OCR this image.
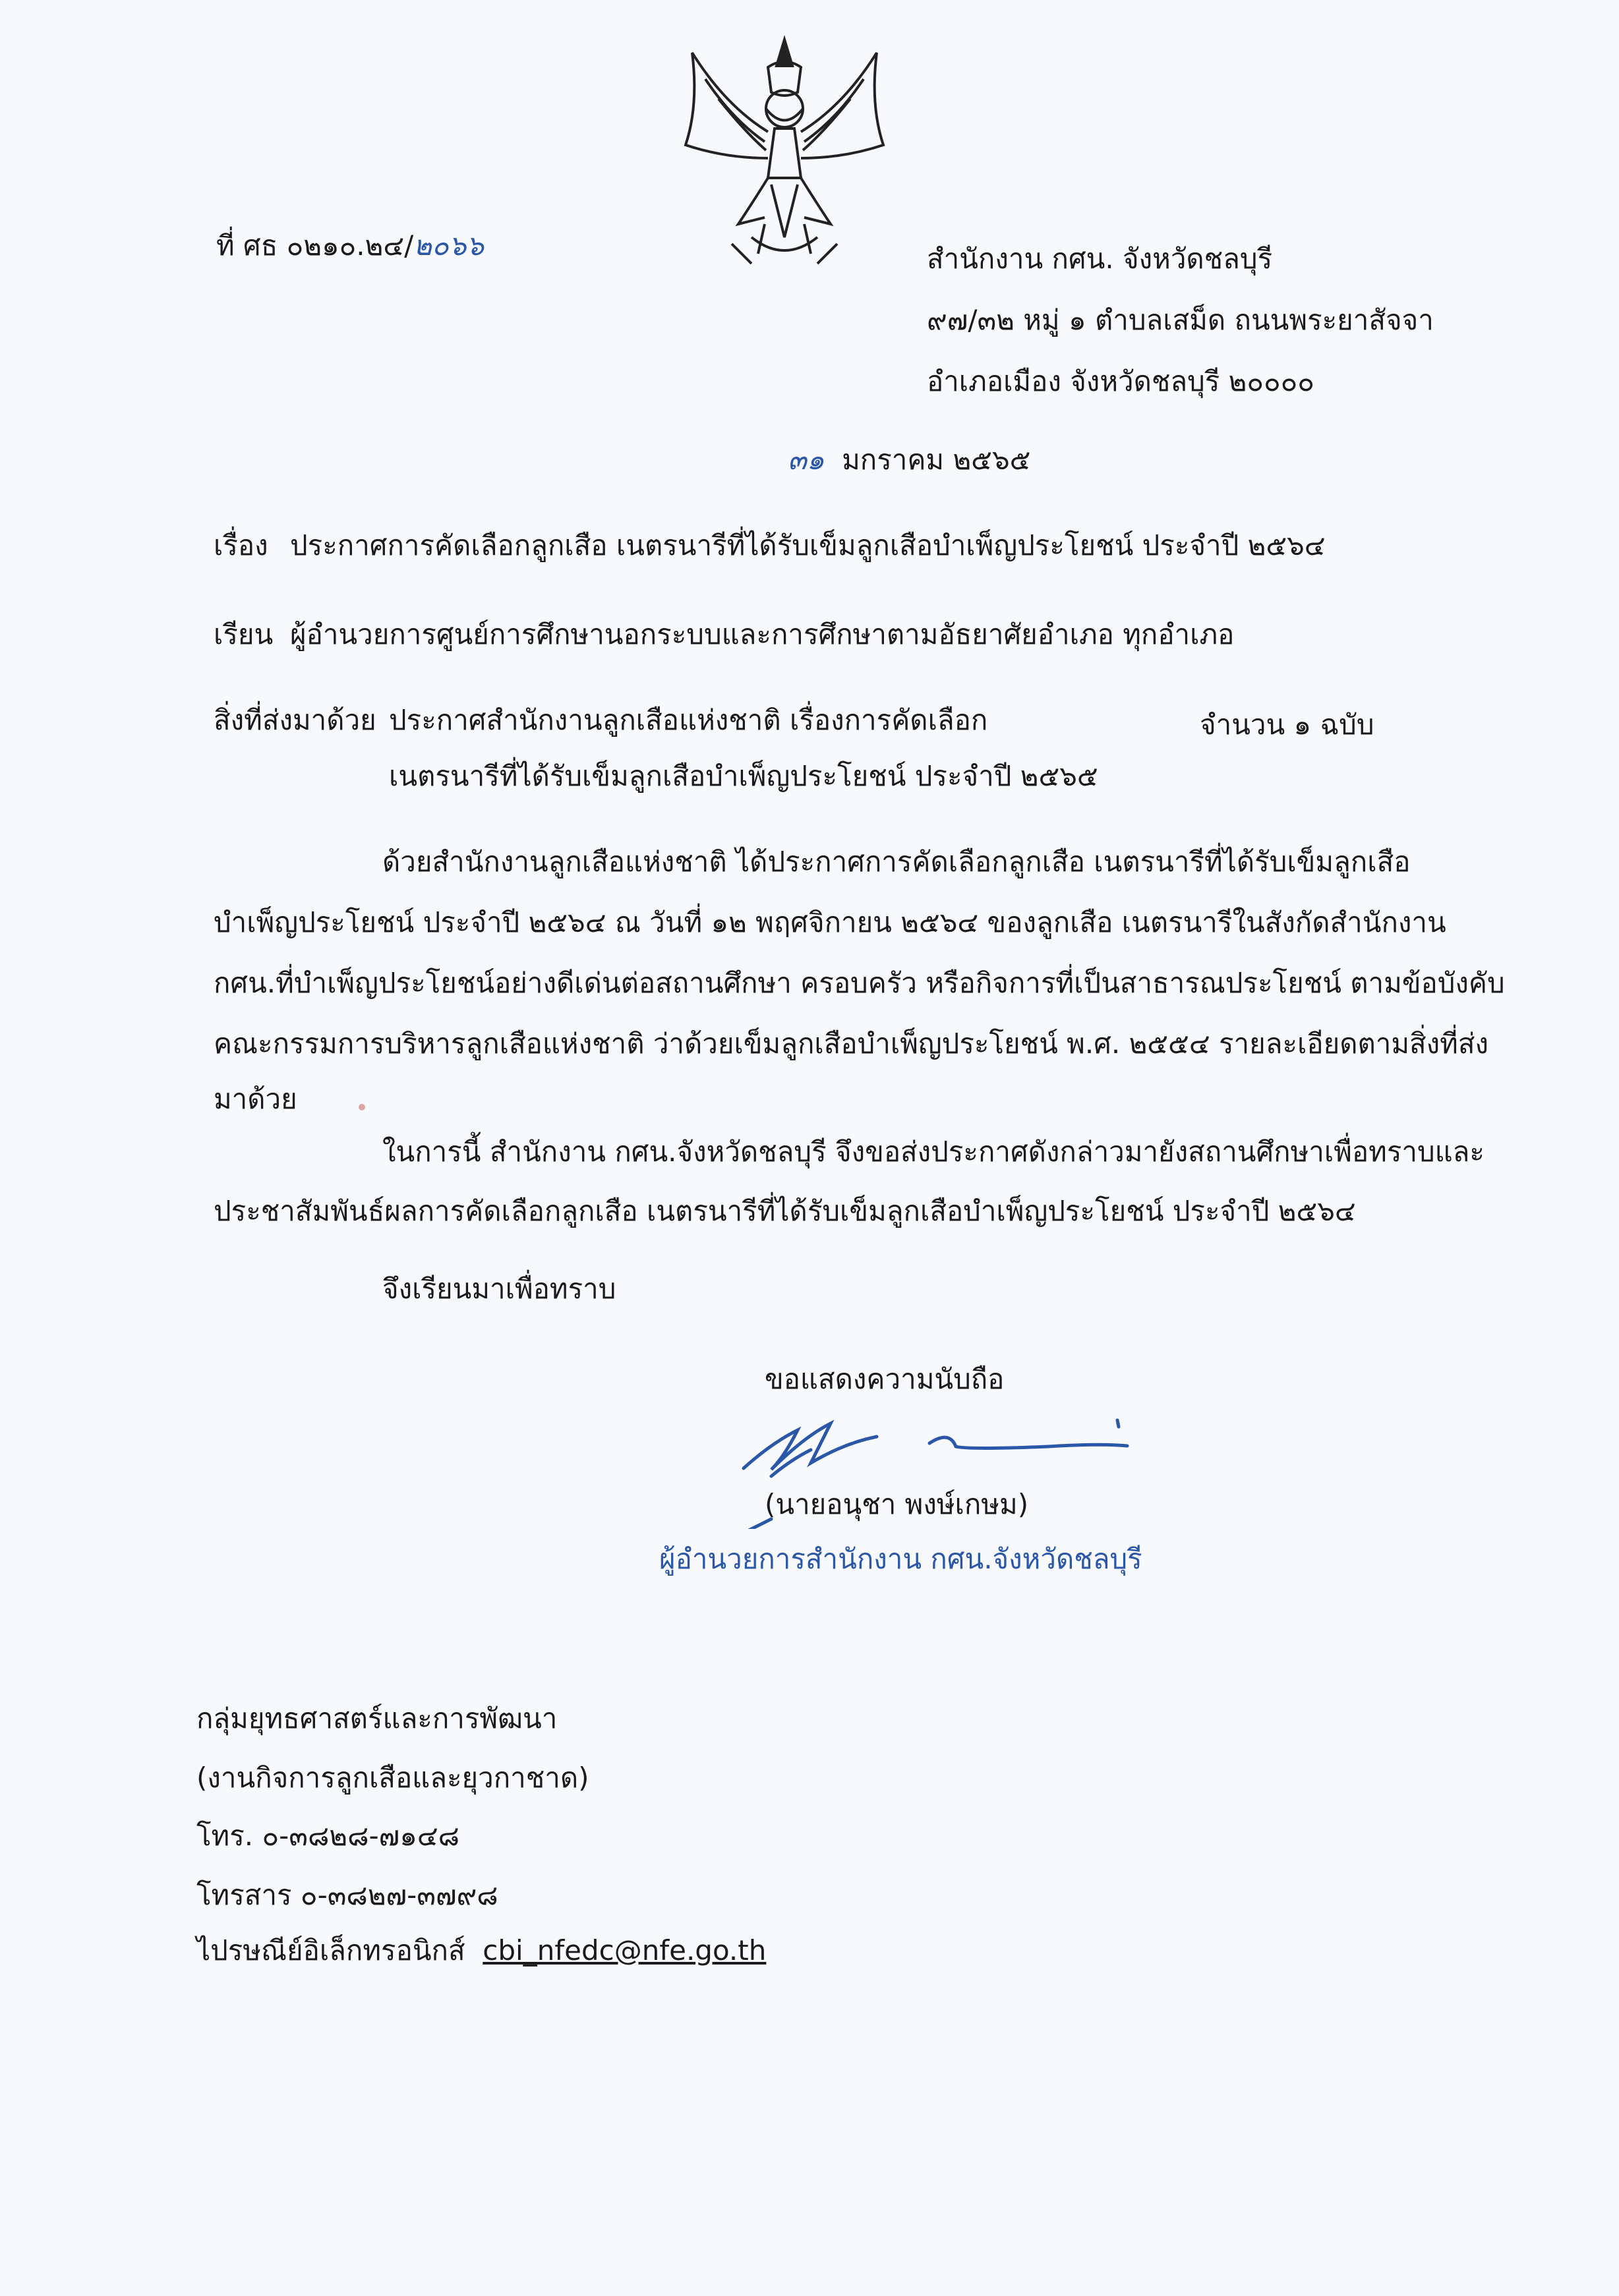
ที่ ศธ ๐๒๑๐.๒๔/๒๐๖๖	สำนักงาน กศน. จังหวัดชลบุรี
๙๗/๓๒ หมู่ ๑ ตำบลเสม็ด ถนนพระยาสัจจา
อำเภอเมือง จังหวัดชลบุรี ๒๐๐๐๐
๓๑ มกราคม ๒๕๖๕
เรื่อง ประกาศการคัดเลือกลูกเสือ เนตรนารีที่ได้รับเข็มลูกเสือบำเพ็ญประโยชน์ ประจำปี ๒๕๖๔
เรียน ผู้อำนวยการศูนย์การศึกษานอกระบบและการศึกษาตามอัธยาศัยอำเภอ ทุกอำเภอ
สิ่งที่ส่งมาด้วย ประกาศสำนักงานลูกเสือแห่งชาติ เรื่องการคัดเลือก	จำนวน ๑ ฉบับ
เนตรนารีที่ได้รับเข็มลูกเสือบำเพ็ญประโยชน์ ประจำปี ๒๕๖๕
ด้วยสำนักงานลูกเสือแห่งชาติ ได้ประกาศการคัดเลือกลูกเสือ เนตรนารีที่ได้รับเข็มลูกเสือ
บำเพ็ญประโยชน์ ประจำปี ๒๕๖๔ ณ วันที่ ๑๒ พฤศจิกายน ๒๕๖๔ ของลูกเสือ เนตรนารีในสังกัดสำนักงาน
กศน.ที่บำเพ็ญประโยชน์อย่างดีเด่นต่อสถานศึกษา ครอบครัว หรือกิจการที่เป็นสาธารณประโยชน์ ตามข้อบังคับ
คณะกรรมการบริหารลูกเสือแห่งชาติ ว่าด้วยเข็มลูกเสือบำเพ็ญประโยชน์ พ.ศ. ๒๕๕๔ รายละเอียดตามสิ่งที่ส่ง
มาด้วย
ในการนี้ สำนักงาน กศน.จังหวัดชลบุรี จึงขอส่งประกาศดังกล่าวมายังสถานศึกษาเพื่อทราบและ
ประชาสัมพันธ์ผลการคัดเลือกลูกเสือ เนตรนารีที่ได้รับเข็มลูกเสือบำเพ็ญประโยชน์ ประจำปี ๒๕๖๔
จึงเรียนมาเพื่อทราบ
ขอแสดงความนับถือ
(นายอนุชา พงษ์เกษม)
ผู้อำนวยการสำนักงาน กศน.จังหวัดชลบุรี
กลุ่มยุทธศาสตร์และการพัฒนา
(งานกิจการลูกเสือและยุวกาชาด)
โทร. ๐-๓๘๒๘-๗๑๔๘
โทรสาร ๐-๓๘๒๗-๓๗๙๘
ไปรษณีย์อิเล็กทรอนิกส์ cbi_nfedc@nfe.go.th
